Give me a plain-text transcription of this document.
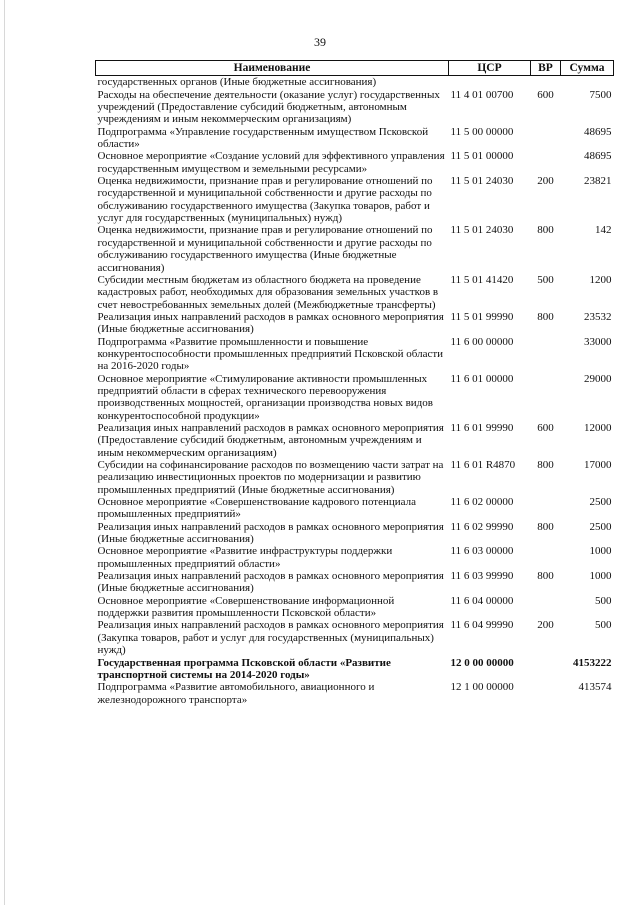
39
Наименование	ЦСР	ВР	Сумма
государственных органов (Иные бюджетные ассигнования)			
Расходы на обеспечение деятельности (оказание услуг) государственных учреждений (Предоставление субсидий бюджетным, автономным учреждениям и иным некоммерческим организациям)	11 4 01 00700	600	7500
Подпрограмма «Управление государственным имуществом Псковской области»	11 5 00 00000		48695
Основное мероприятие «Создание условий для эффективного управления государственным имуществом и земельными ресурсами»	11 5 01 00000		48695
Оценка недвижимости, признание прав и регулирование отношений по государственной и муниципальной собственности и другие расходы по обслуживанию государственного имущества (Закупка товаров, работ и услуг для государственных (муниципальных) нужд)	11 5 01 24030	200	23821
Оценка недвижимости, признание прав и регулирование отношений по государственной и муниципальной собственности и другие расходы по обслуживанию государственного имущества (Иные бюджетные ассигнования)	11 5 01 24030	800	142
Субсидии местным бюджетам из областного бюджета на проведение кадастровых работ, необходимых для образования земельных участков в счет невостребованных земельных долей (Межбюджетные трансферты)	11 5 01 41420	500	1200
Реализация иных направлений расходов в рамках основного мероприятия (Иные бюджетные ассигнования)	11 5 01 99990	800	23532
Подпрограмма «Развитие промышленности и повышение конкурентоспособности промышленных предприятий Псковской области на 2016-2020 годы»	11 6 00 00000		33000
Основное мероприятие «Стимулирование активности промышленных предприятий области в сферах технического перевооружения производственных мощностей, организации производства новых видов конкурентоспособной продукции»	11 6 01 00000		29000
Реализация иных направлений расходов в рамках основного мероприятия (Предоставление субсидий бюджетным, автономным учреждениям и иным некоммерческим организациям)	11 6 01 99990	600	12000
Субсидии на софинансирование расходов по возмещению части затрат на реализацию инвестиционных проектов по модернизации и развитию промышленных предприятий (Иные бюджетные ассигнования)	11 6 01 R4870	800	17000
Основное мероприятие «Совершенствование кадрового потенциала промышленных предприятий»	11 6 02 00000		2500
Реализация иных направлений расходов в рамках основного мероприятия (Иные бюджетные ассигнования)	11 6 02 99990	800	2500
Основное мероприятие «Развитие инфраструктуры поддержки промышленных предприятий области»	11 6 03 00000		1000
Реализация иных направлений расходов в рамках основного мероприятия (Иные бюджетные ассигнования)	11 6 03 99990	800	1000
Основное мероприятие «Совершенствование информационной поддержки развития промышленности Псковской области»	11 6 04 00000		500
Реализация иных направлений расходов в рамках основного мероприятия (Закупка товаров, работ и услуг для государственных (муниципальных) нужд)	11 6 04 99990	200	500
Государственная программа Псковской области «Развитие транспортной системы на 2014-2020 годы»	12 0 00 00000		4153222
Подпрограмма «Развитие автомобильного, авиационного и железнодорожного транспорта»	12 1 00 00000		413574
